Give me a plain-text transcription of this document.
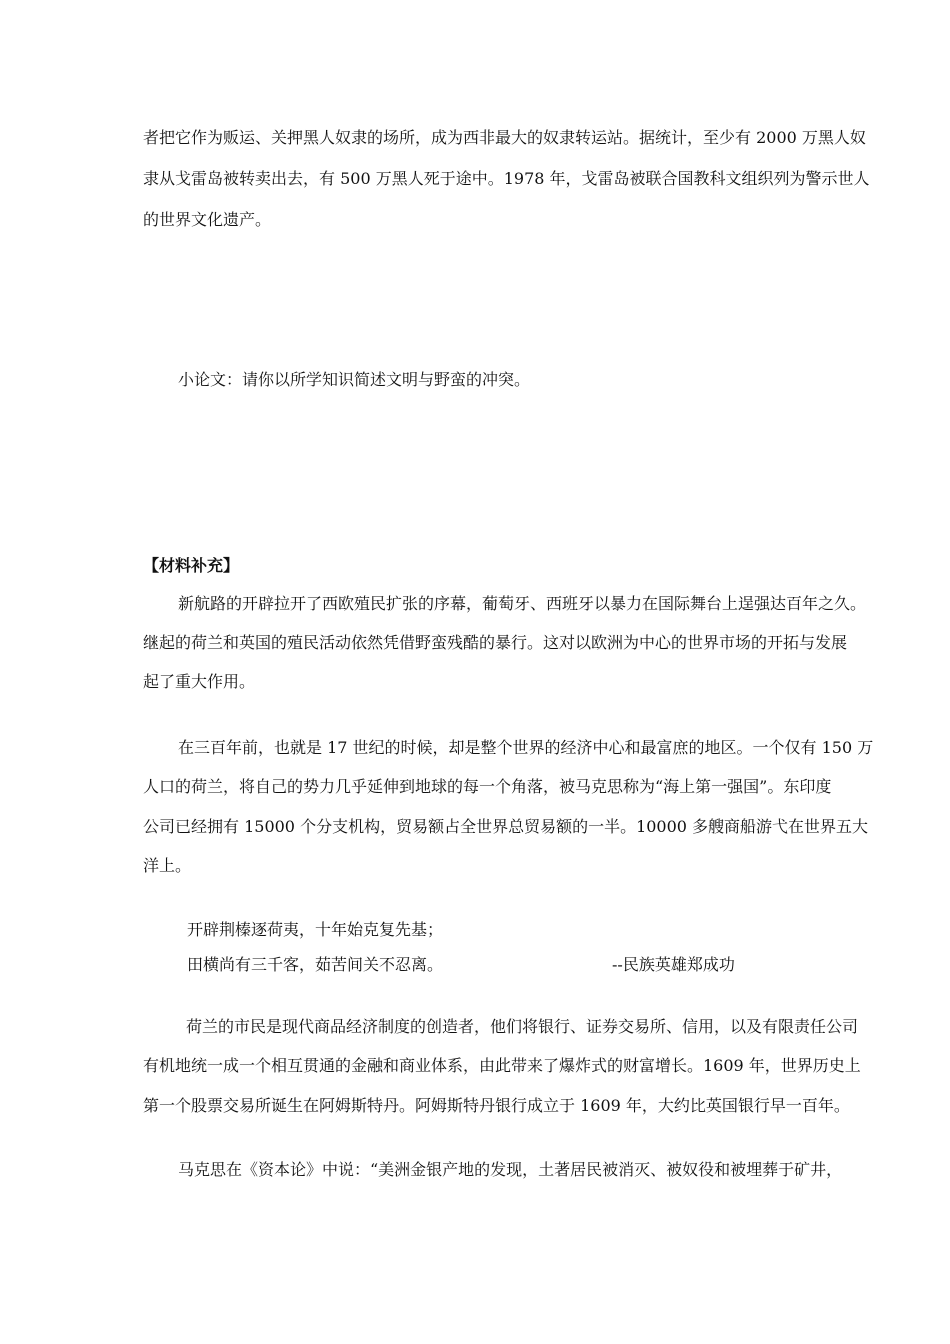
者把它作为贩运、关押黑人奴隶的场所，成为西非最大的奴隶转运站。据统计，至少有 2000 万黑人奴
隶从戈雷岛被转卖出去，有 500 万黑人死于途中。1978 年，戈雷岛被联合国教科文组织列为警示世人
的世界文化遗产。
小论文：请你以所学知识简述文明与野蛮的冲突。
【材料补充】
新航路的开辟拉开了西欧殖民扩张的序幕，葡萄牙、西班牙以暴力在国际舞台上逞强达百年之久。
继起的荷兰和英国的殖民活动依然凭借野蛮残酷的暴行。这对以欧洲为中心的世界市场的开拓与发展
起了重大作用。
在三百年前，也就是 17 世纪的时候，却是整个世界的经济中心和最富庶的地区。一个仅有 150 万
人口的荷兰，将自己的势力几乎延伸到地球的每一个角落，被马克思称为“海上第一强国”。东印度
公司已经拥有 15000 个分支机构，贸易额占全世界总贸易额的一半。10000 多艘商船游弋在世界五大
洋上。
开辟荆榛逐荷夷，十年始克复先基；
田横尚有三千客，茹苦间关不忍离。	--民族英雄郑成功
荷兰的市民是现代商品经济制度的创造者，他们将银行、证券交易所、信用，以及有限责任公司
有机地统一成一个相互贯通的金融和商业体系，由此带来了爆炸式的财富增长。1609 年，世界历史上
第一个股票交易所诞生在阿姆斯特丹。阿姆斯特丹银行成立于 1609 年，大约比英国银行早一百年。
马克思在《资本论》中说：“美洲金银产地的发现，土著居民被消灭、被奴役和被埋葬于矿井，
